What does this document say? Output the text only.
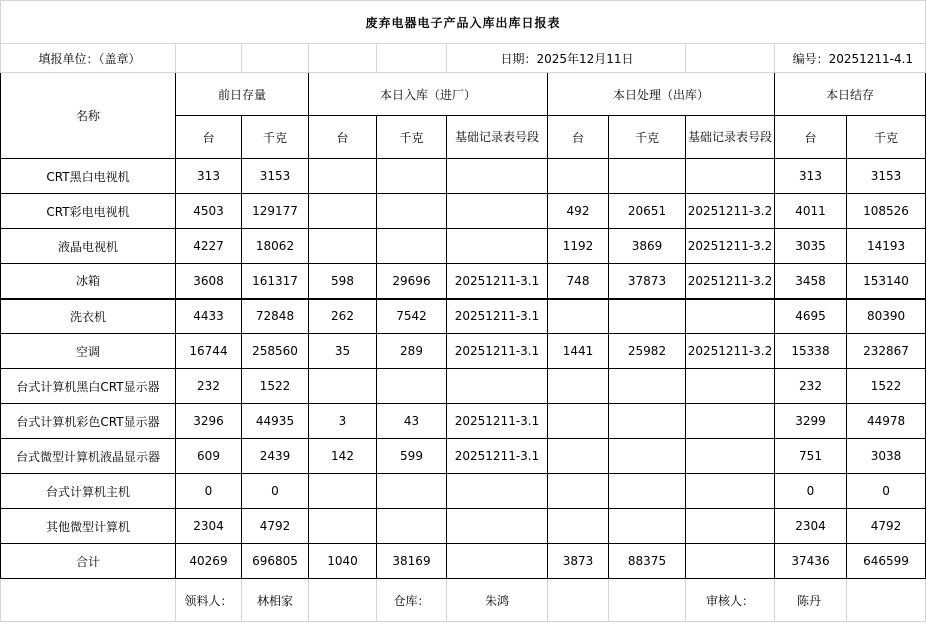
废弃电器电子产品入库出库日报表										
填报单位：（盖章）					日期：2025年12月11日				编号：20251211-4.1	
名称	前日存量		本日入库（进厂）			本日处理（出库）			本日结存	
	台	千克	台	千克	基础记录表号段	台	千克	基础记录表号段	台	千克
CRT黑白电视机	313	3153							313	3153
CRT彩电电视机	4503	129177				492	20651	20251211-3.2	4011	108526
液晶电视机	4227	18062				1192	3869	20251211-3.2	3035	14193
冰箱	3608	161317	598	29696	20251211-3.1	748	37873	20251211-3.2	3458	153140
洗衣机	4433	72848	262	7542	20251211-3.1				4695	80390
空调	16744	258560	35	289	20251211-3.1	1441	25982	20251211-3.2	15338	232867
台式计算机黑白CRT显示器	232	1522							232	1522
台式计算机彩色CRT显示器	3296	44935	3	43	20251211-3.1				3299	44978
台式微型计算机液晶显示器	609	2439	142	599	20251211-3.1				751	3038
台式计算机主机	0	0							0	0
其他微型计算机	2304	4792							2304	4792
合计	40269	696805	1040	38169		3873	88375		37436	646599
	领料人：	林相家		仓库：	朱鸿			审核人：	陈丹	
